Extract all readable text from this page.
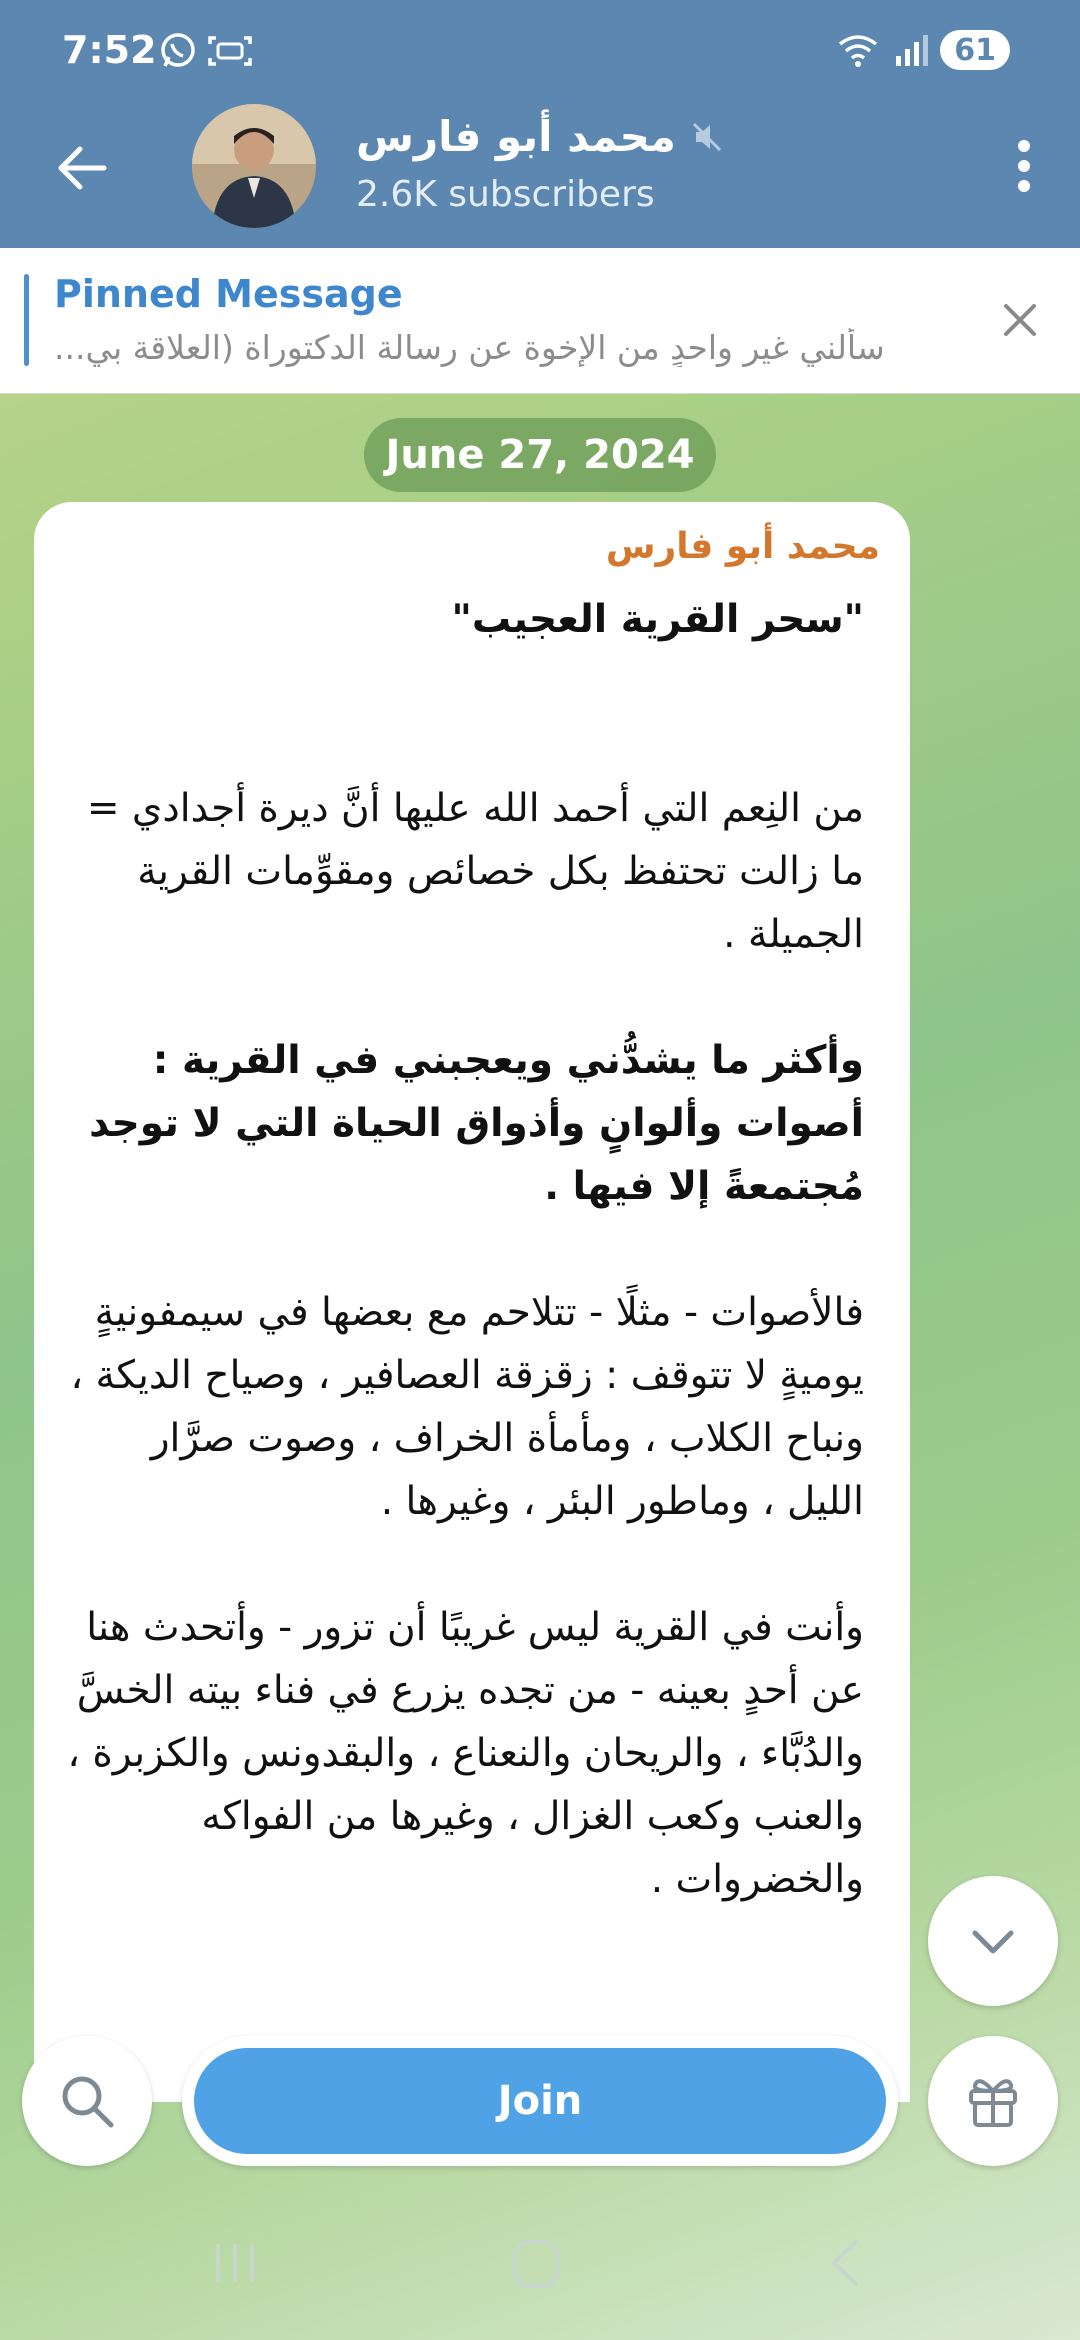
7:52	61
محمد أبو فارس
2.6K subscribers
Pinned Message
سألني غير واحدٍ من الإخوة عن رسالة الدكتوراة (العلاقة بي...
June 27, 2024
محمد أبو فارس

"سحر القرية العجيب"

من النِعم التي أحمد الله عليها أنَّ ديرة أجدادي = ما زالت تحتفظ بكل خصائص ومقوِّمات القرية الجميلة .

وأكثر ما يشدُّني ويعجبني في القرية : أصوات وألوانٍ وأذواق الحياة التي لا توجد مُجتمعةً إلا فيها .

فالأصوات - مثلًا - تتلاحم مع بعضها في سيمفونيةٍ يوميةٍ لا تتوقف : زقزقة العصافير ، وصياح الديكة ، ونباح الكلاب ، ومأمأة الخراف ، وصوت صرَّار الليل ، وماطور البئر ، وغيرها .

وأنت في القرية ليس غريبًا أن تزور - وأتحدث هنا عن أحدٍ بعينه - من تجده يزرع في فناء بيته الخسَّ والدُبَّاء ، والريحان والنعناع ، والبقدونس والكزبرة ، والعنب وكعب الغزال ، وغيرها من الفواكه والخضروات .

Join
